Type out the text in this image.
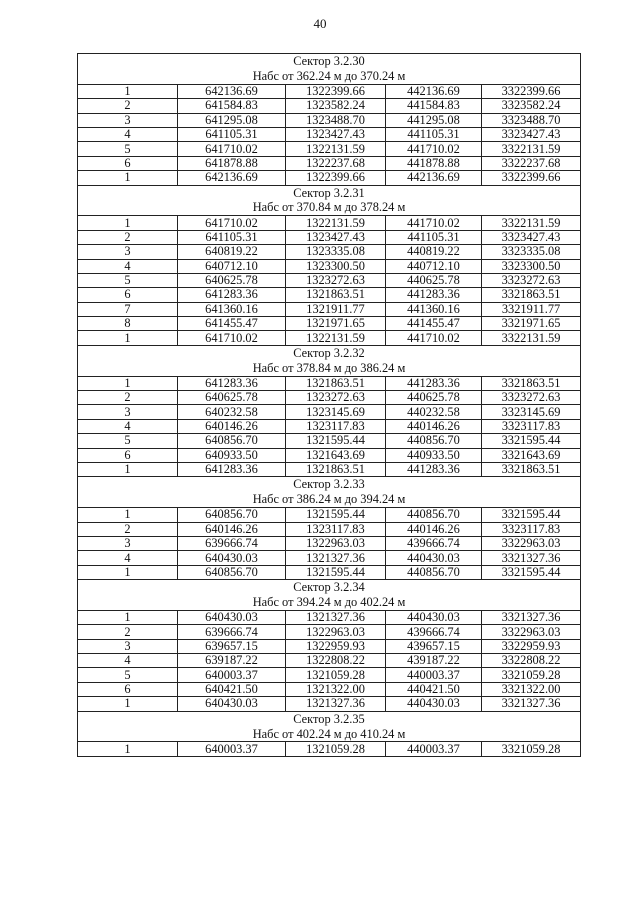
40
Сектор 3.2.30
Набс от 362.24 м до 370.24 м				

1	642136.69	1322399.66	442136.69	3322399.66
2	641584.83	1323582.24	441584.83	3323582.24
3	641295.08	1323488.70	441295.08	3323488.70
4	641105.31	1323427.43	441105.31	3323427.43
5	641710.02	1322131.59	441710.02	3322131.59
6	641878.88	1322237.68	441878.88	3322237.68
1	642136.69	1322399.66	442136.69	3322399.66

Сектор 3.2.31
Набс от 370.84 м до 378.24 м				

1	641710.02	1322131.59	441710.02	3322131.59
2	641105.31	1323427.43	441105.31	3323427.43
3	640819.22	1323335.08	440819.22	3323335.08
4	640712.10	1323300.50	440712.10	3323300.50
5	640625.78	1323272.63	440625.78	3323272.63
6	641283.36	1321863.51	441283.36	3321863.51
7	641360.16	1321911.77	441360.16	3321911.77
8	641455.47	1321971.65	441455.47	3321971.65
1	641710.02	1322131.59	441710.02	3322131.59

Сектор 3.2.32
Набс от 378.84 м до 386.24 м				

1	641283.36	1321863.51	441283.36	3321863.51
2	640625.78	1323272.63	440625.78	3323272.63
3	640232.58	1323145.69	440232.58	3323145.69
4	640146.26	1323117.83	440146.26	3323117.83
5	640856.70	1321595.44	440856.70	3321595.44
6	640933.50	1321643.69	440933.50	3321643.69
1	641283.36	1321863.51	441283.36	3321863.51

Сектор 3.2.33
Набс от 386.24 м до 394.24 м				

1	640856.70	1321595.44	440856.70	3321595.44
2	640146.26	1323117.83	440146.26	3323117.83
3	639666.74	1322963.03	439666.74	3322963.03
4	640430.03	1321327.36	440430.03	3321327.36
1	640856.70	1321595.44	440856.70	3321595.44

Сектор 3.2.34
Набс от 394.24 м до 402.24 м				

1	640430.03	1321327.36	440430.03	3321327.36
2	639666.74	1322963.03	439666.74	3322963.03
3	639657.15	1322959.93	439657.15	3322959.93
4	639187.22	1322808.22	439187.22	3322808.22
5	640003.37	1321059.28	440003.37	3321059.28
6	640421.50	1321322.00	440421.50	3321322.00
1	640430.03	1321327.36	440430.03	3321327.36

Сектор 3.2.35
Набс от 402.24 м до 410.24 м				

1	640003.37	1321059.28	440003.37	3321059.28
